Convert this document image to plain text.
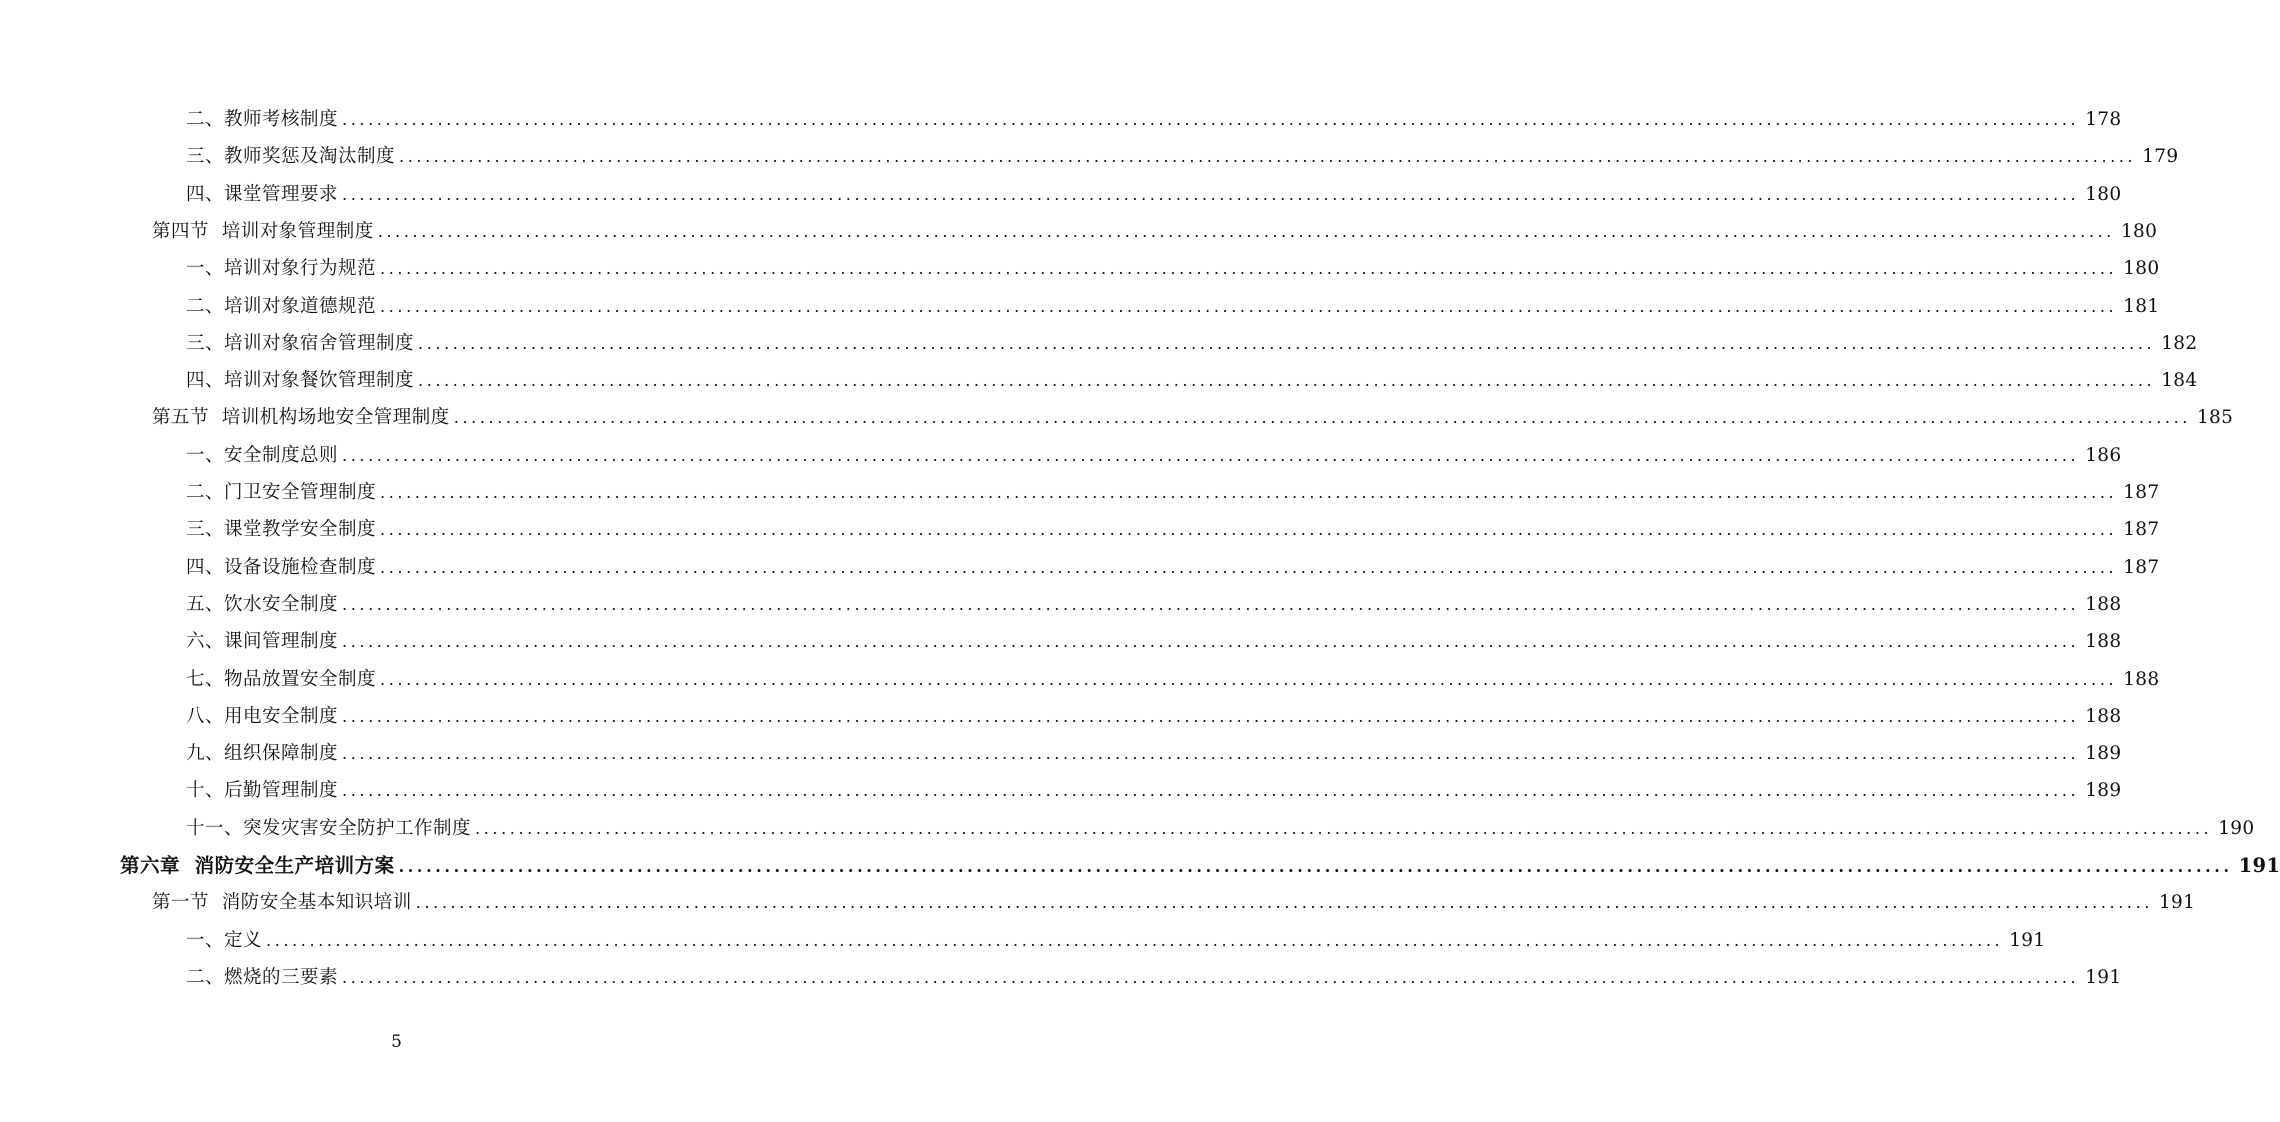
二、教师考核制度 ........................................................................................................................................................................................................ 178
三、教师奖惩及淘汰制度 ........................................................................................................................................................................................................ 179
四、课堂管理要求 ........................................................................................................................................................................................................ 180
第四节  培训对象管理制度 ........................................................................................................................................................................................................ 180
一、培训对象行为规范 ........................................................................................................................................................................................................ 180
二、培训对象道德规范 ........................................................................................................................................................................................................ 181
三、培训对象宿舍管理制度 ........................................................................................................................................................................................................ 182
四、培训对象餐饮管理制度 ........................................................................................................................................................................................................ 184
第五节  培训机构场地安全管理制度 ........................................................................................................................................................................................................ 185
一、安全制度总则 ........................................................................................................................................................................................................ 186
二、门卫安全管理制度 ........................................................................................................................................................................................................ 187
三、课堂教学安全制度 ........................................................................................................................................................................................................ 187
四、设备设施检查制度 ........................................................................................................................................................................................................ 187
五、饮水安全制度 ........................................................................................................................................................................................................ 188
六、课间管理制度 ........................................................................................................................................................................................................ 188
七、物品放置安全制度 ........................................................................................................................................................................................................ 188
八、用电安全制度 ........................................................................................................................................................................................................ 188
九、组织保障制度 ........................................................................................................................................................................................................ 189
十、后勤管理制度 ........................................................................................................................................................................................................ 189
十一、突发灾害安全防护工作制度 ........................................................................................................................................................................................................ 190
第六章  消防安全生产培训方案 ........................................................................................................................................................................................................ 191
第一节  消防安全基本知识培训 ........................................................................................................................................................................................................ 191
一、定义 ........................................................................................................................................................................................................ 191
二、燃烧的三要素 ........................................................................................................................................................................................................ 191
5
